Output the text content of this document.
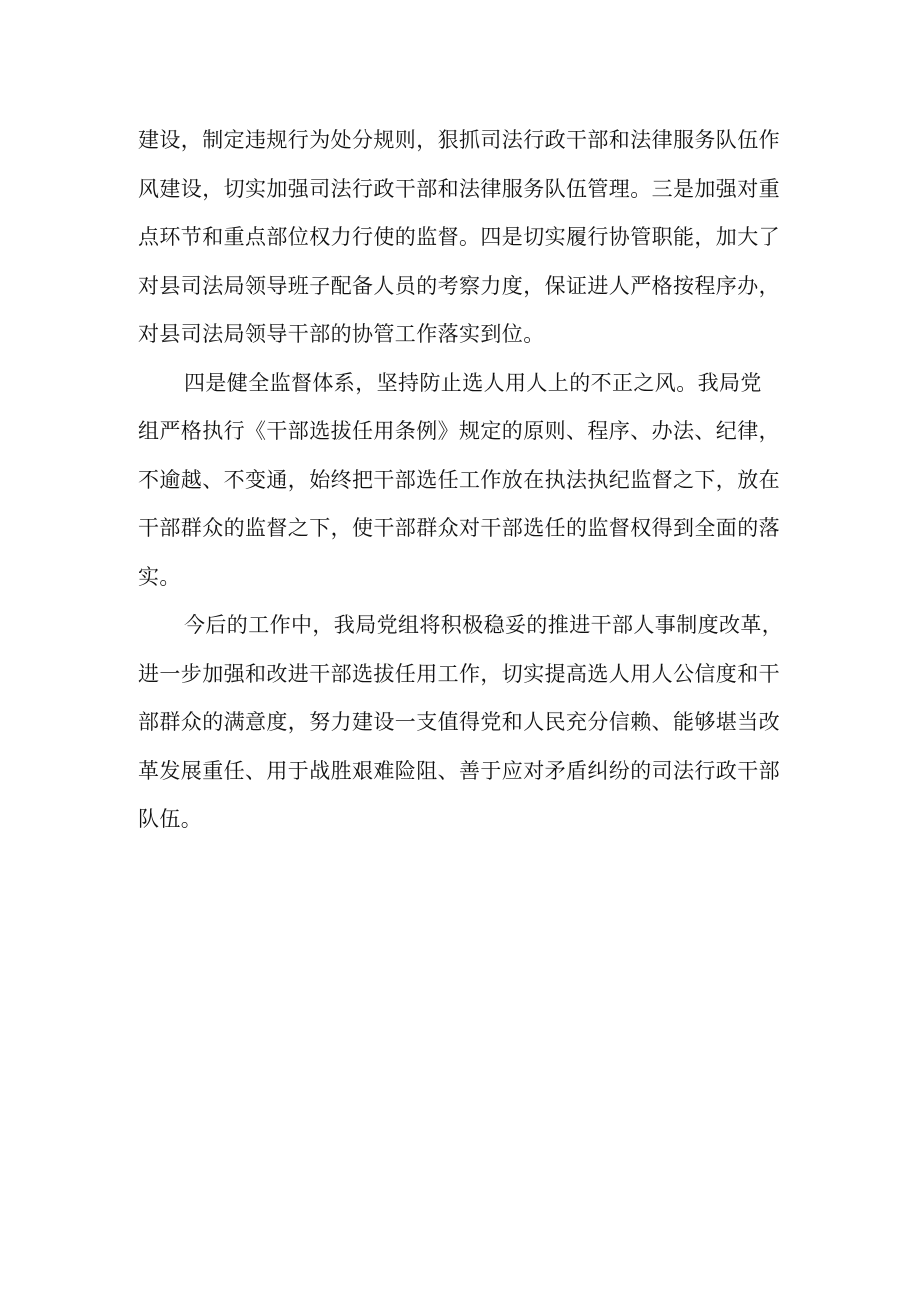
建设，制定违规行为处分规则，狠抓司法行政干部和法律服务队伍作
风建设，切实加强司法行政干部和法律服务队伍管理。三是加强对重
点环节和重点部位权力行使的监督。四是切实履行协管职能，加大了
对县司法局领导班子配备人员的考察力度，保证进人严格按程序办，
对县司法局领导干部的协管工作落实到位。

四是健全监督体系，坚持防止选人用人上的不正之风。我局党
组严格执行《干部选拔任用条例》规定的原则、程序、办法、纪律，
不逾越、不变通，始终把干部选任工作放在执法执纪监督之下，放在
干部群众的监督之下，使干部群众对干部选任的监督权得到全面的落
实。

今后的工作中，我局党组将积极稳妥的推进干部人事制度改革，
进一步加强和改进干部选拔任用工作，切实提高选人用人公信度和干
部群众的满意度，努力建设一支值得党和人民充分信赖、能够堪当改
革发展重任、用于战胜艰难险阻、善于应对矛盾纠纷的司法行政干部
队伍。
